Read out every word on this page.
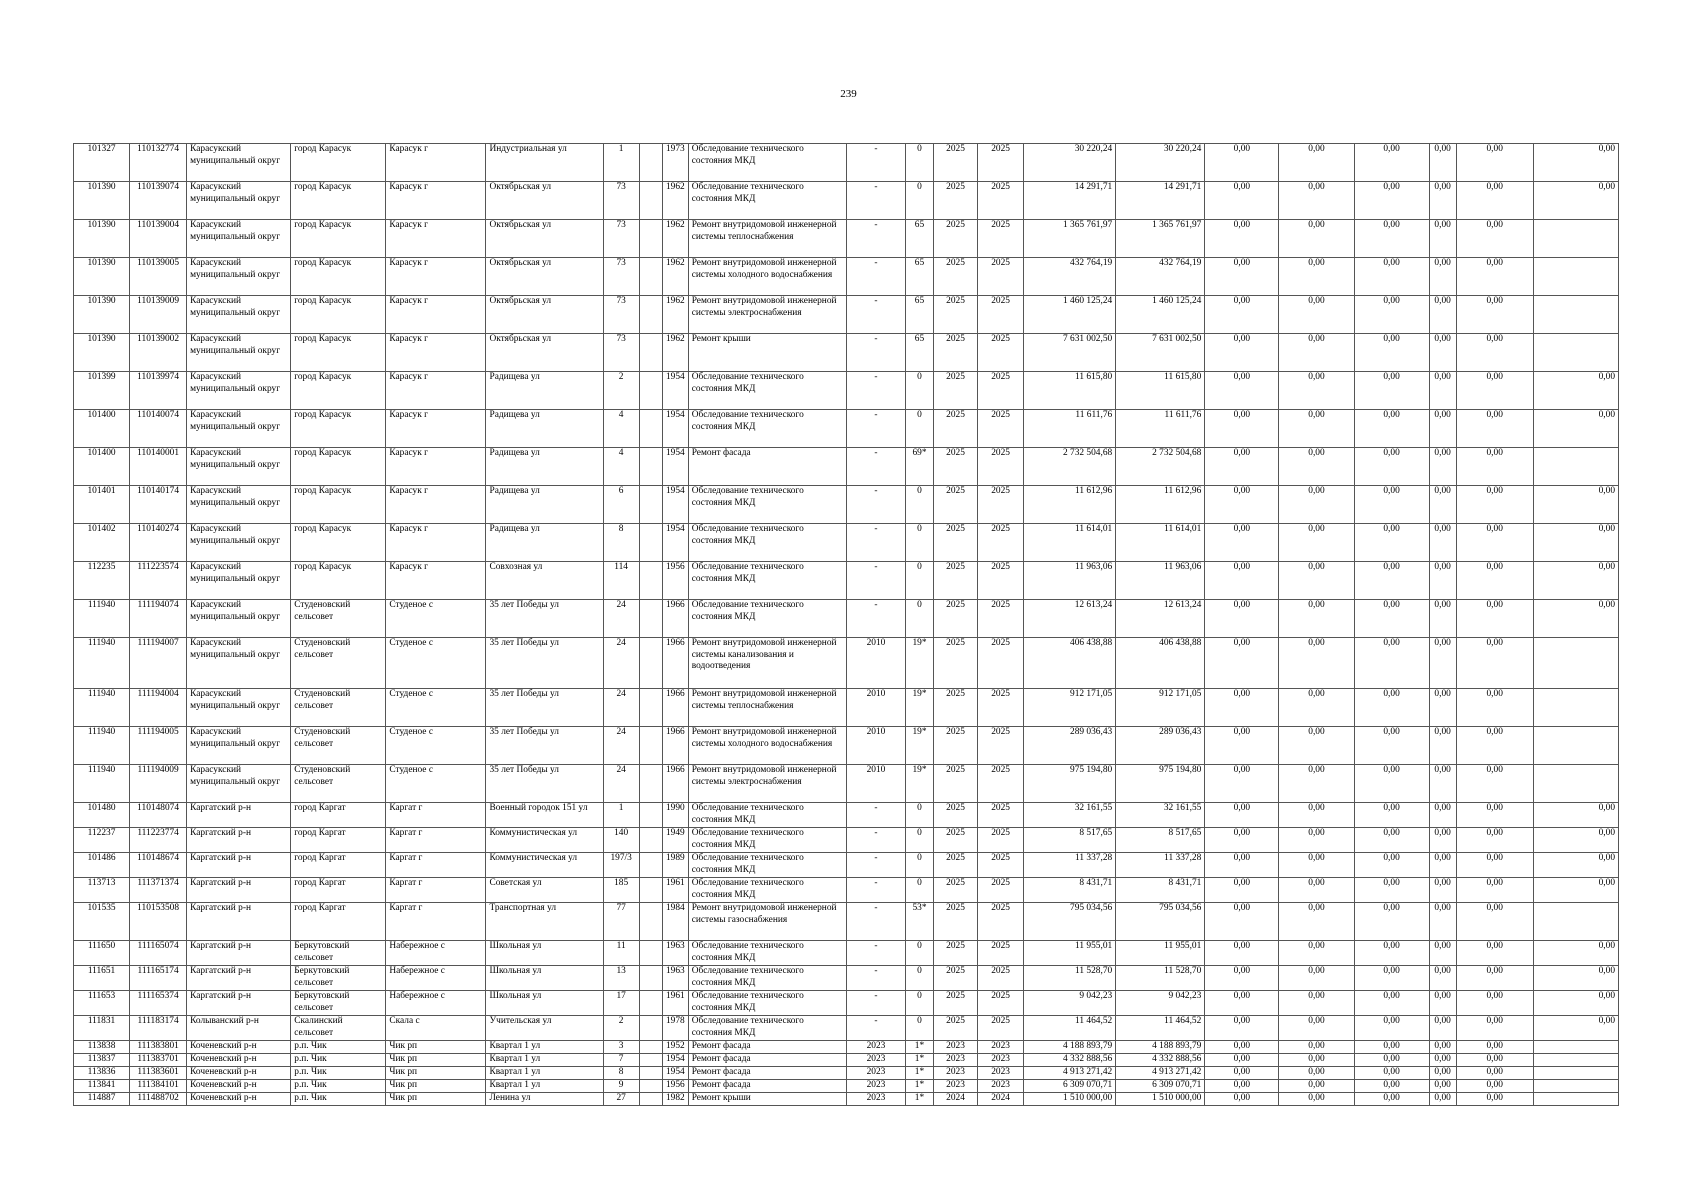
239
101327	110132774	Карасукский муниципальный округ	город Карасук	Карасук г	Индустриальная ул	1		1973	Обследование технического состояния МКД	-	0	2025	2025	30 220,24	30 220,24	0,00	0,00	0,00	0,00	0,00	0,00
101390	110139074	Карасукский муниципальный округ	город Карасук	Карасук г	Октябрьская ул	73		1962	Обследование технического состояния МКД	-	0	2025	2025	14 291,71	14 291,71	0,00	0,00	0,00	0,00	0,00	0,00
101390	110139004	Карасукский муниципальный округ	город Карасук	Карасук г	Октябрьская ул	73		1962	Ремонт внутридомовой инженерной системы теплоснабжения	-	65	2025	2025	1 365 761,97	1 365 761,97	0,00	0,00	0,00	0,00	0,00	
101390	110139005	Карасукский муниципальный округ	город Карасук	Карасук г	Октябрьская ул	73		1962	Ремонт внутридомовой инженерной системы холодного водоснабжения	-	65	2025	2025	432 764,19	432 764,19	0,00	0,00	0,00	0,00	0,00	
101390	110139009	Карасукский муниципальный округ	город Карасук	Карасук г	Октябрьская ул	73		1962	Ремонт внутридомовой инженерной системы электроснабжения	-	65	2025	2025	1 460 125,24	1 460 125,24	0,00	0,00	0,00	0,00	0,00	
101390	110139002	Карасукский муниципальный округ	город Карасук	Карасук г	Октябрьская ул	73		1962	Ремонт крыши	-	65	2025	2025	7 631 002,50	7 631 002,50	0,00	0,00	0,00	0,00	0,00	
101399	110139974	Карасукский муниципальный округ	город Карасук	Карасук г	Радищева ул	2		1954	Обследование технического состояния МКД	-	0	2025	2025	11 615,80	11 615,80	0,00	0,00	0,00	0,00	0,00	0,00
101400	110140074	Карасукский муниципальный округ	город Карасук	Карасук г	Радищева ул	4		1954	Обследование технического состояния МКД	-	0	2025	2025	11 611,76	11 611,76	0,00	0,00	0,00	0,00	0,00	0,00
101400	110140001	Карасукский муниципальный округ	город Карасук	Карасук г	Радищева ул	4		1954	Ремонт фасада	-	69*	2025	2025	2 732 504,68	2 732 504,68	0,00	0,00	0,00	0,00	0,00	
101401	110140174	Карасукский муниципальный округ	город Карасук	Карасук г	Радищева ул	6		1954	Обследование технического состояния МКД	-	0	2025	2025	11 612,96	11 612,96	0,00	0,00	0,00	0,00	0,00	0,00
101402	110140274	Карасукский муниципальный округ	город Карасук	Карасук г	Радищева ул	8		1954	Обследование технического состояния МКД	-	0	2025	2025	11 614,01	11 614,01	0,00	0,00	0,00	0,00	0,00	0,00
112235	111223574	Карасукский муниципальный округ	город Карасук	Карасук г	Совхозная ул	114		1956	Обследование технического состояния МКД	-	0	2025	2025	11 963,06	11 963,06	0,00	0,00	0,00	0,00	0,00	0,00
111940	111194074	Карасукский муниципальный округ	Студеновский сельсовет	Студеное с	35 лет Победы ул	24		1966	Обследование технического состояния МКД	-	0	2025	2025	12 613,24	12 613,24	0,00	0,00	0,00	0,00	0,00	0,00
111940	111194007	Карасукский муниципальный округ	Студеновский сельсовет	Студеное с	35 лет Победы ул	24		1966	Ремонт внутридомовой инженерной системы канализования и водоотведения	2010	19*	2025	2025	406 438,88	406 438,88	0,00	0,00	0,00	0,00	0,00	
111940	111194004	Карасукский муниципальный округ	Студеновский сельсовет	Студеное с	35 лет Победы ул	24		1966	Ремонт внутридомовой инженерной системы теплоснабжения	2010	19*	2025	2025	912 171,05	912 171,05	0,00	0,00	0,00	0,00	0,00	
111940	111194005	Карасукский муниципальный округ	Студеновский сельсовет	Студеное с	35 лет Победы ул	24		1966	Ремонт внутридомовой инженерной системы холодного водоснабжения	2010	19*	2025	2025	289 036,43	289 036,43	0,00	0,00	0,00	0,00	0,00	
111940	111194009	Карасукский муниципальный округ	Студеновский сельсовет	Студеное с	35 лет Победы ул	24		1966	Ремонт внутридомовой инженерной системы электроснабжения	2010	19*	2025	2025	975 194,80	975 194,80	0,00	0,00	0,00	0,00	0,00	
101480	110148074	Каргатский р-н	город Каргат	Каргат г	Военный городок 151 ул	1		1990	Обследование технического состояния МКД	-	0	2025	2025	32 161,55	32 161,55	0,00	0,00	0,00	0,00	0,00	0,00
112237	111223774	Каргатский р-н	город Каргат	Каргат г	Коммунистическая ул	140		1949	Обследование технического состояния МКД	-	0	2025	2025	8 517,65	8 517,65	0,00	0,00	0,00	0,00	0,00	0,00
101486	110148674	Каргатский р-н	город Каргат	Каргат г	Коммунистическая ул	197/3		1989	Обследование технического состояния МКД	-	0	2025	2025	11 337,28	11 337,28	0,00	0,00	0,00	0,00	0,00	0,00
113713	111371374	Каргатский р-н	город Каргат	Каргат г	Советская ул	185		1961	Обследование технического состояния МКД	-	0	2025	2025	8 431,71	8 431,71	0,00	0,00	0,00	0,00	0,00	0,00
101535	110153508	Каргатский р-н	город Каргат	Каргат г	Транспортная ул	77		1984	Ремонт внутридомовой инженерной системы газоснабжения	-	53*	2025	2025	795 034,56	795 034,56	0,00	0,00	0,00	0,00	0,00	
111650	111165074	Каргатский р-н	Беркутовский сельсовет	Набережное с	Школьная ул	11		1963	Обследование технического состояния МКД	-	0	2025	2025	11 955,01	11 955,01	0,00	0,00	0,00	0,00	0,00	0,00
111651	111165174	Каргатский р-н	Беркутовский сельсовет	Набережное с	Школьная ул	13		1963	Обследование технического состояния МКД	-	0	2025	2025	11 528,70	11 528,70	0,00	0,00	0,00	0,00	0,00	0,00
111653	111165374	Каргатский р-н	Беркутовский сельсовет	Набережное с	Школьная ул	17		1961	Обследование технического состояния МКД	-	0	2025	2025	9 042,23	9 042,23	0,00	0,00	0,00	0,00	0,00	0,00
111831	111183174	Колыванский р-н	Скалинский сельсовет	Скала с	Учительская ул	2		1978	Обследование технического состояния МКД	-	0	2025	2025	11 464,52	11 464,52	0,00	0,00	0,00	0,00	0,00	0,00
113838	111383801	Коченевский р-н	р.п. Чик	Чик рп	Квартал 1 ул	3		1952	Ремонт фасада	2023	1*	2023	2023	4 188 893,79	4 188 893,79	0,00	0,00	0,00	0,00	0,00	
113837	111383701	Коченевский р-н	р.п. Чик	Чик рп	Квартал 1 ул	7		1954	Ремонт фасада	2023	1*	2023	2023	4 332 888,56	4 332 888,56	0,00	0,00	0,00	0,00	0,00	
113836	111383601	Коченевский р-н	р.п. Чик	Чик рп	Квартал 1 ул	8		1954	Ремонт фасада	2023	1*	2023	2023	4 913 271,42	4 913 271,42	0,00	0,00	0,00	0,00	0,00	
113841	111384101	Коченевский р-н	р.п. Чик	Чик рп	Квартал 1 ул	9		1956	Ремонт фасада	2023	1*	2023	2023	6 309 070,71	6 309 070,71	0,00	0,00	0,00	0,00	0,00	
114887	111488702	Коченевский р-н	р.п. Чик	Чик рп	Ленина ул	27		1982	Ремонт крыши	2023	1*	2024	2024	1 510 000,00	1 510 000,00	0,00	0,00	0,00	0,00	0,00	
